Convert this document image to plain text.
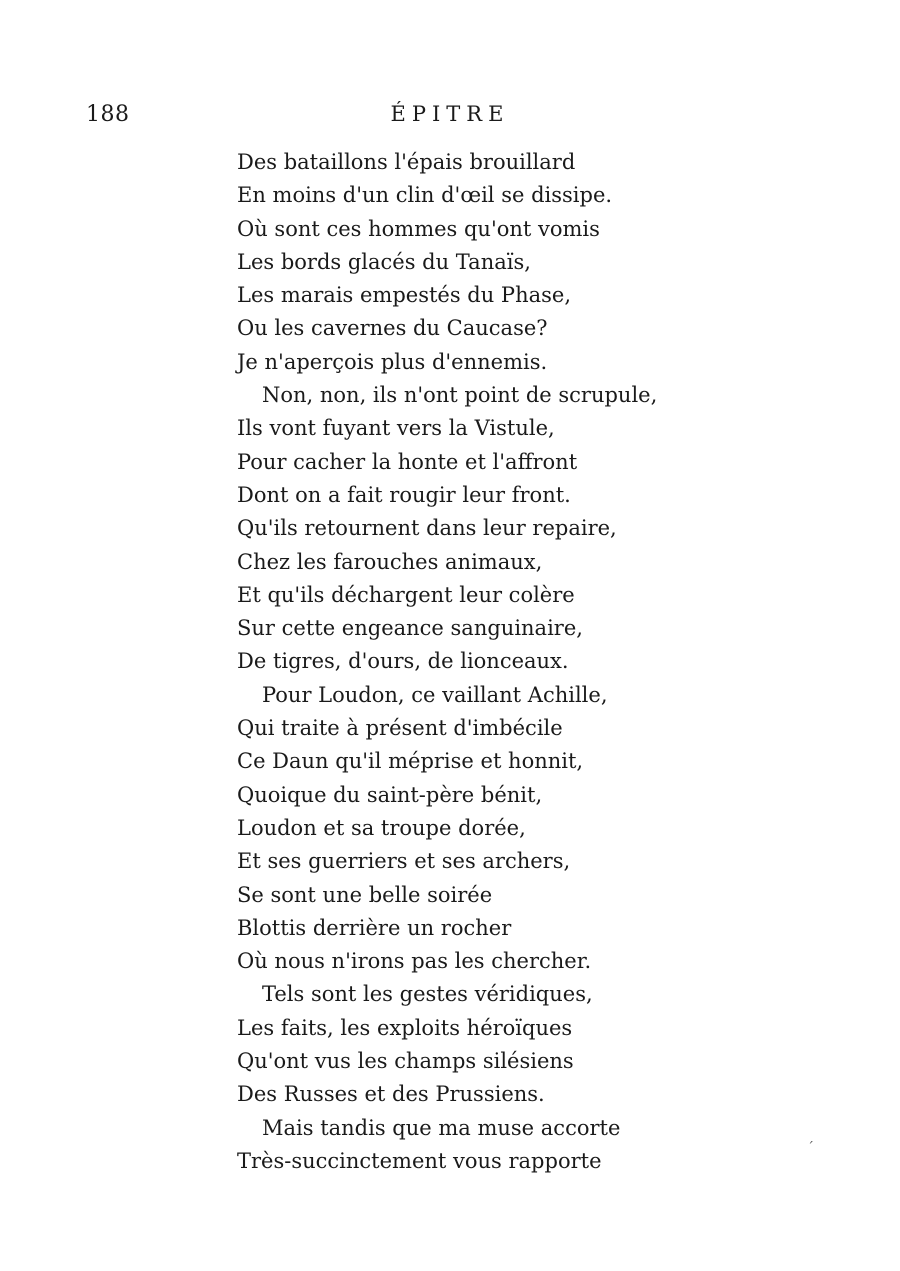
188	ÉPITRE
Des bataillons l'épais brouillard
En moins d'un clin d'œil se dissipe.
Où sont ces hommes qu'ont vomis
Les bords glacés du Tanaïs,
Les marais empestés du Phase,
Ou les cavernes du Caucase?
Je n'aperçois plus d'ennemis.
Non, non, ils n'ont point de scrupule,
Ils vont fuyant vers la Vistule,
Pour cacher la honte et l'affront
Dont on a fait rougir leur front.
Qu'ils retournent dans leur repaire,
Chez les farouches animaux,
Et qu'ils déchargent leur colère
Sur cette engeance sanguinaire,
De tigres, d'ours, de lionceaux.
Pour Loudon, ce vaillant Achille,
Qui traite à présent d'imbécile
Ce Daun qu'il méprise et honnit,
Quoique du saint-père bénit,
Loudon et sa troupe dorée,
Et ses guerriers et ses archers,
Se sont une belle soirée
Blottis derrière un rocher
Où nous n'irons pas les chercher.
Tels sont les gestes véridiques,
Les faits, les exploits héroïques
Qu'ont vus les champs silésiens
Des Russes et des Prussiens.
Mais tandis que ma muse accorte
Très-succinctement vous rapporte
ˊ
